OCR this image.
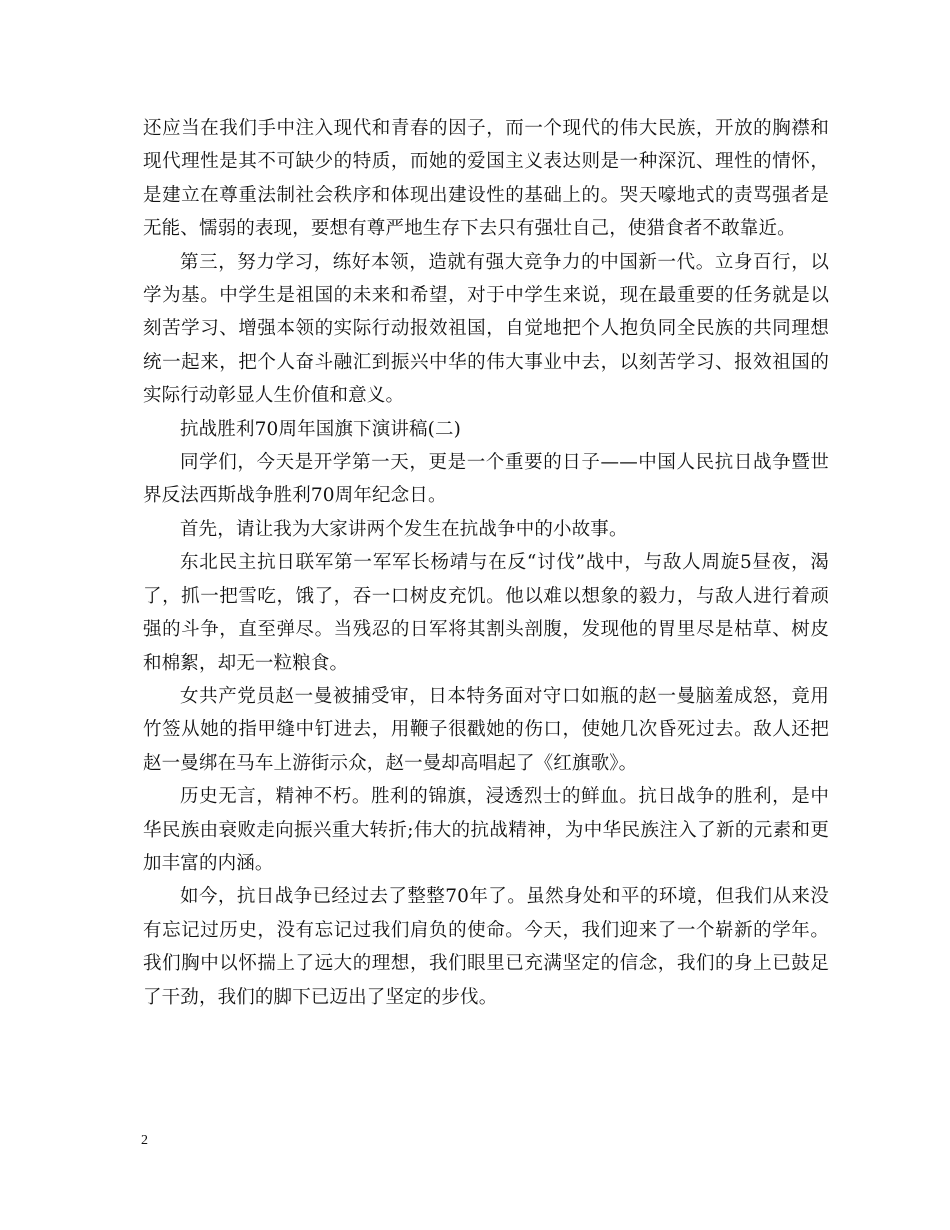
还应当在我们手中注入现代和青春的因子，而一个现代的伟大民族，开放的胸襟和现代理性是其不可缺少的特质，而她的爱国主义表达则是一种深沉、理性的情怀，是建立在尊重法制社会秩序和体现出建设性的基础上的。哭天嚎地式的责骂强者是无能、懦弱的表现，要想有尊严地生存下去只有强壮自己，使猎食者不敢靠近。

第三，努力学习，练好本领，造就有强大竞争力的中国新一代。立身百行，以学为基。中学生是祖国的未来和希望，对于中学生来说，现在最重要的任务就是以刻苦学习、增强本领的实际行动报效祖国，自觉地把个人抱负同全民族的共同理想统一起来，把个人奋斗融汇到振兴中华的伟大事业中去，以刻苦学习、报效祖国的实际行动彰显人生价值和意义。

抗战胜利70周年国旗下演讲稿(二)

同学们，今天是开学第一天，更是一个重要的日子——中国人民抗日战争暨世界反法西斯战争胜利70周年纪念日。

首先，请让我为大家讲两个发生在抗战争中的小故事。

东北民主抗日联军第一军军长杨靖与在反“讨伐”战中，与敌人周旋5昼夜，渴了，抓一把雪吃，饿了，吞一口树皮充饥。他以难以想象的毅力，与敌人进行着顽强的斗争，直至弹尽。当残忍的日军将其割头剖腹，发现他的胃里尽是枯草、树皮和棉絮，却无一粒粮食。

女共产党员赵一曼被捕受审，日本特务面对守口如瓶的赵一曼脑羞成怒，竟用竹签从她的指甲缝中钉进去，用鞭子很戳她的伤口，使她几次昏死过去。敌人还把赵一曼绑在马车上游街示众，赵一曼却高唱起了《红旗歌》。

历史无言，精神不朽。胜利的锦旗，浸透烈士的鲜血。抗日战争的胜利，是中华民族由衰败走向振兴重大转折;伟大的抗战精神，为中华民族注入了新的元素和更加丰富的内涵。

如今，抗日战争已经过去了整整70年了。虽然身处和平的环境，但我们从来没有忘记过历史，没有忘记过我们肩负的使命。今天，我们迎来了一个崭新的学年。我们胸中以怀揣上了远大的理想，我们眼里已充满坚定的信念，我们的身上已鼓足了干劲，我们的脚下已迈出了坚定的步伐。

2
